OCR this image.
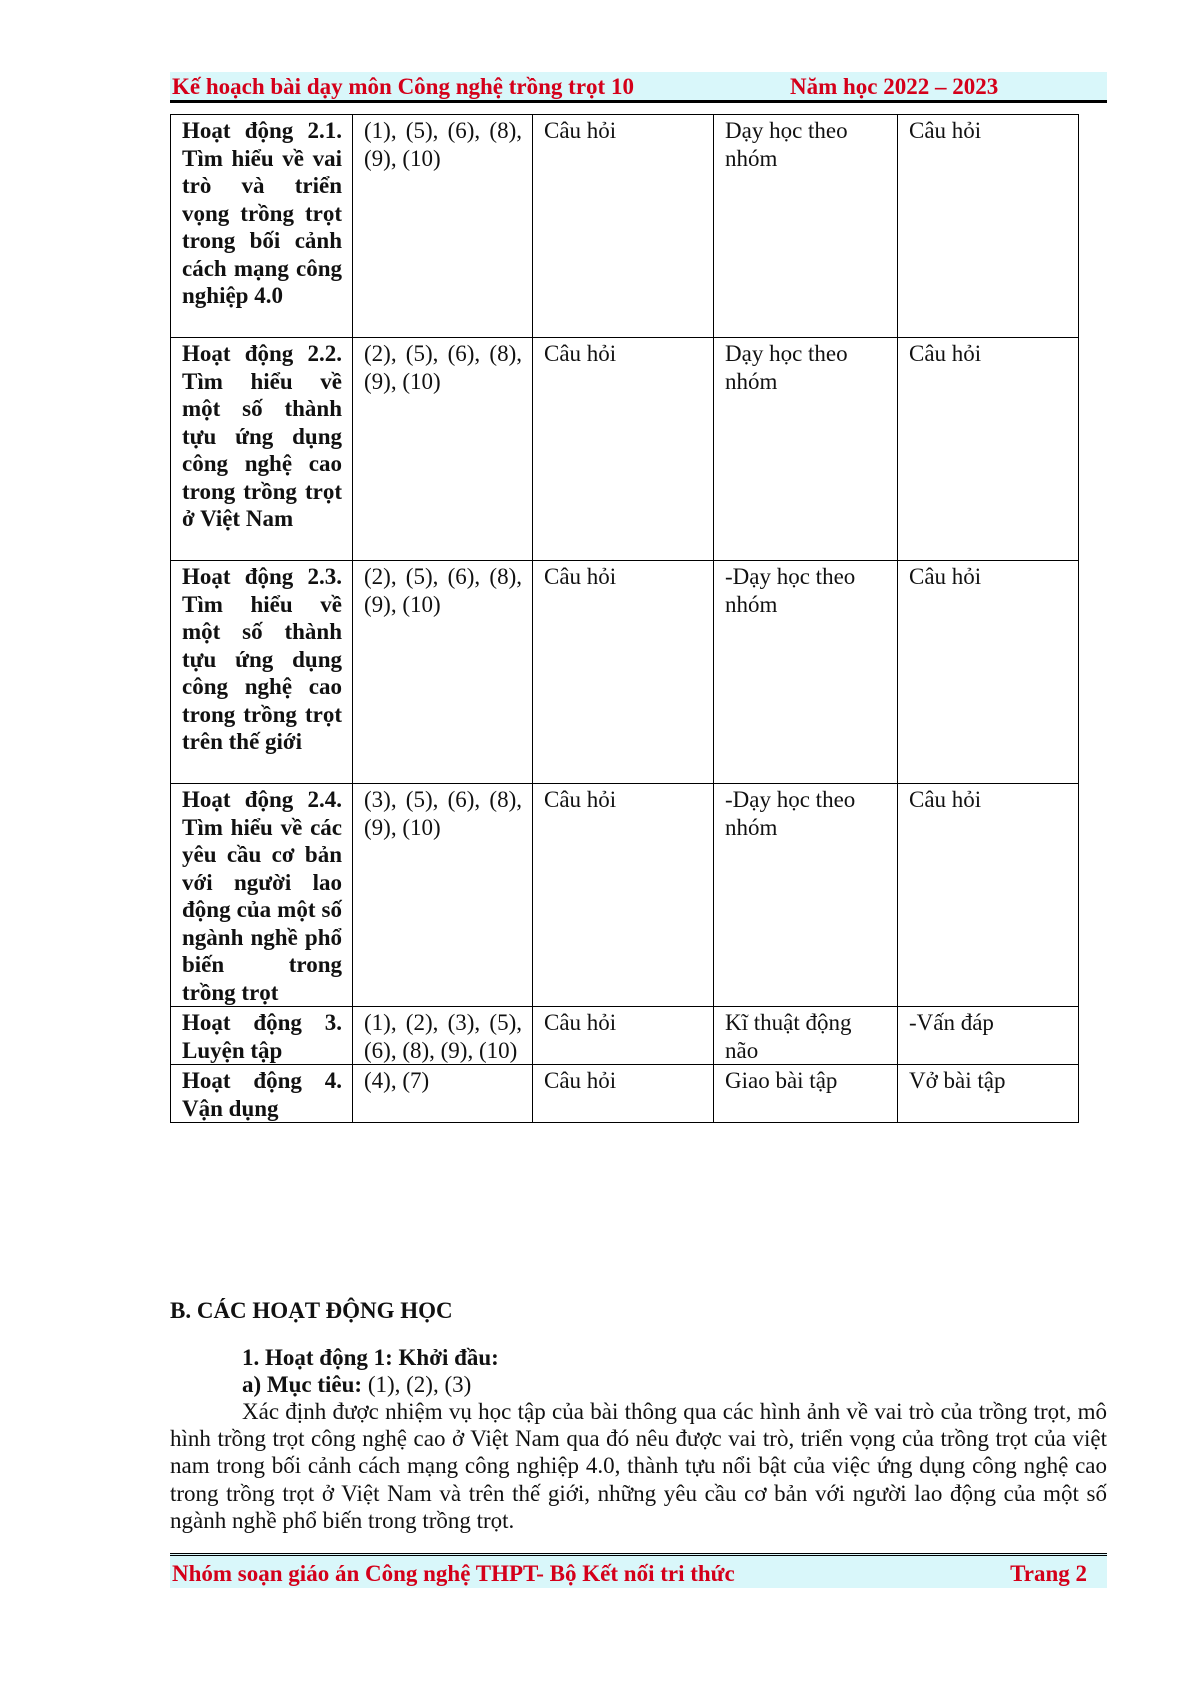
Kế hoạch bài dạy môn Công nghệ trồng trọt 10	Năm học 2022 – 2023
Hoạt động 2.1. Tìm hiểu về vai trò và triển vọng trồng trọt trong bối cảnh cách mạng công nghiệp 4.0	(1), (5), (6), (8), (9), (10)	Câu hỏi	Dạy học theo nhóm	Câu hỏi
Hoạt động 2.2. Tìm hiểu về một số thành tựu ứng dụng công nghệ cao trong trồng trọt ở Việt Nam	(2), (5), (6), (8), (9), (10)	Câu hỏi	Dạy học theo nhóm	Câu hỏi
Hoạt động 2.3. Tìm hiểu về một số thành tựu ứng dụng công nghệ cao trong trồng trọt trên thế giới	(2), (5), (6), (8), (9), (10)	Câu hỏi	-Dạy học theo nhóm	Câu hỏi
Hoạt động 2.4. Tìm hiểu về các yêu cầu cơ bản với người lao động của một số ngành nghề phổ biến trong trồng trọt	(3), (5), (6), (8), (9), (10)	Câu hỏi	-Dạy học theo nhóm	Câu hỏi
Hoạt động 3. Luyện tập	(1), (2), (3), (5), (6), (8), (9), (10)	Câu hỏi	Kĩ thuật động não	-Vấn đáp
Hoạt động 4. Vận dụng	(4), (7)	Câu hỏi	Giao bài tập	Vở bài tập
B. CÁC HOẠT ĐỘNG HỌC
1. Hoạt động 1: Khởi đầu:
a) Mục tiêu: (1), (2), (3)
Xác định được nhiệm vụ học tập của bài thông qua các hình ảnh về vai trò của trồng trọt, mô hình trồng trọt công nghệ cao ở Việt Nam qua đó nêu được vai trò, triển vọng của trồng trọt của việt nam trong bối cảnh cách mạng công nghiệp 4.0, thành tựu nổi bật của việc ứng dụng công nghệ cao trong trồng trọt ở Việt Nam và trên thế giới, những yêu cầu cơ bản với người lao động của một số ngành nghề phổ biến trong trồng trọt.
Nhóm soạn giáo án Công nghệ THPT- Bộ Kết nối tri thức	Trang 2
